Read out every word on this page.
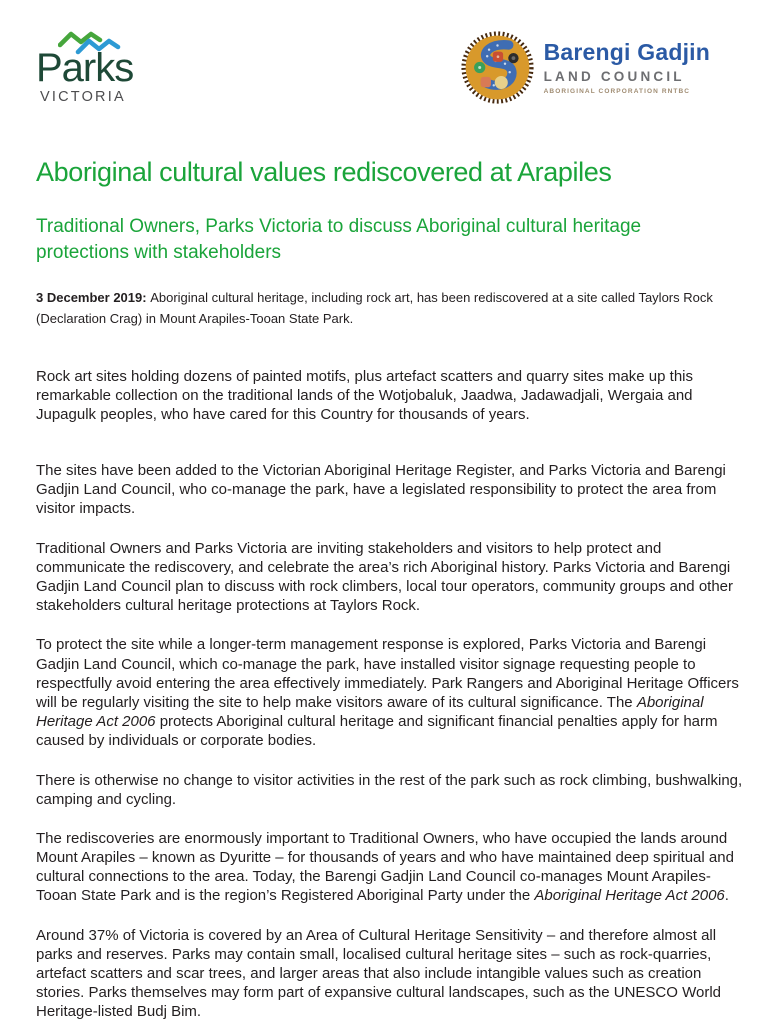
Parks
VICTORIA
Barengi Gadjin
LAND COUNCIL
ABORIGINAL CORPORATION RNTBC
Aboriginal cultural values rediscovered at Arapiles
Traditional Owners, Parks Victoria to discuss Aboriginal cultural heritage protections with stakeholders

3 December 2019: Aboriginal cultural heritage, including rock art, has been rediscovered at a site called Taylors Rock (Declaration Crag) in Mount Arapiles-Tooan State Park.

Rock art sites holding dozens of painted motifs, plus artefact scatters and quarry sites make up this remarkable collection on the traditional lands of the Wotjobaluk, Jaadwa, Jadawadjali, Wergaia and Jupagulk peoples, who have cared for this Country for thousands of years.

The sites have been added to the Victorian Aboriginal Heritage Register, and Parks Victoria and Barengi Gadjin Land Council, who co-manage the park, have a legislated responsibility to protect the area from visitor impacts.

Traditional Owners and Parks Victoria are inviting stakeholders and visitors to help protect and communicate the rediscovery, and celebrate the area’s rich Aboriginal history. Parks Victoria and Barengi Gadjin Land Council plan to discuss with rock climbers, local tour operators, community groups and other stakeholders cultural heritage protections at Taylors Rock.

To protect the site while a longer-term management response is explored, Parks Victoria and Barengi Gadjin Land Council, which co-manage the park, have installed visitor signage requesting people to respectfully avoid entering the area effectively immediately. Park Rangers and Aboriginal Heritage Officers will be regularly visiting the site to help make visitors aware of its cultural significance. The Aboriginal Heritage Act 2006 protects Aboriginal cultural heritage and significant financial penalties apply for harm caused by individuals or corporate bodies.

There is otherwise no change to visitor activities in the rest of the park such as rock climbing, bushwalking, camping and cycling.

The rediscoveries are enormously important to Traditional Owners, who have occupied the lands around Mount Arapiles – known as Dyuritte – for thousands of years and who have maintained deep spiritual and cultural connections to the area. Today, the Barengi Gadjin Land Council co-manages Mount Arapiles-Tooan State Park and is the region’s Registered Aboriginal Party under the Aboriginal Heritage Act 2006.

Around 37% of Victoria is covered by an Area of Cultural Heritage Sensitivity – and therefore almost all parks and reserves. Parks may contain small, localised cultural heritage sites – such as rock-quarries, artefact scatters and scar trees, and larger areas that also include intangible values such as creation stories. Parks themselves may form part of expansive cultural landscapes, such as the UNESCO World Heritage-listed Budj Bim.
